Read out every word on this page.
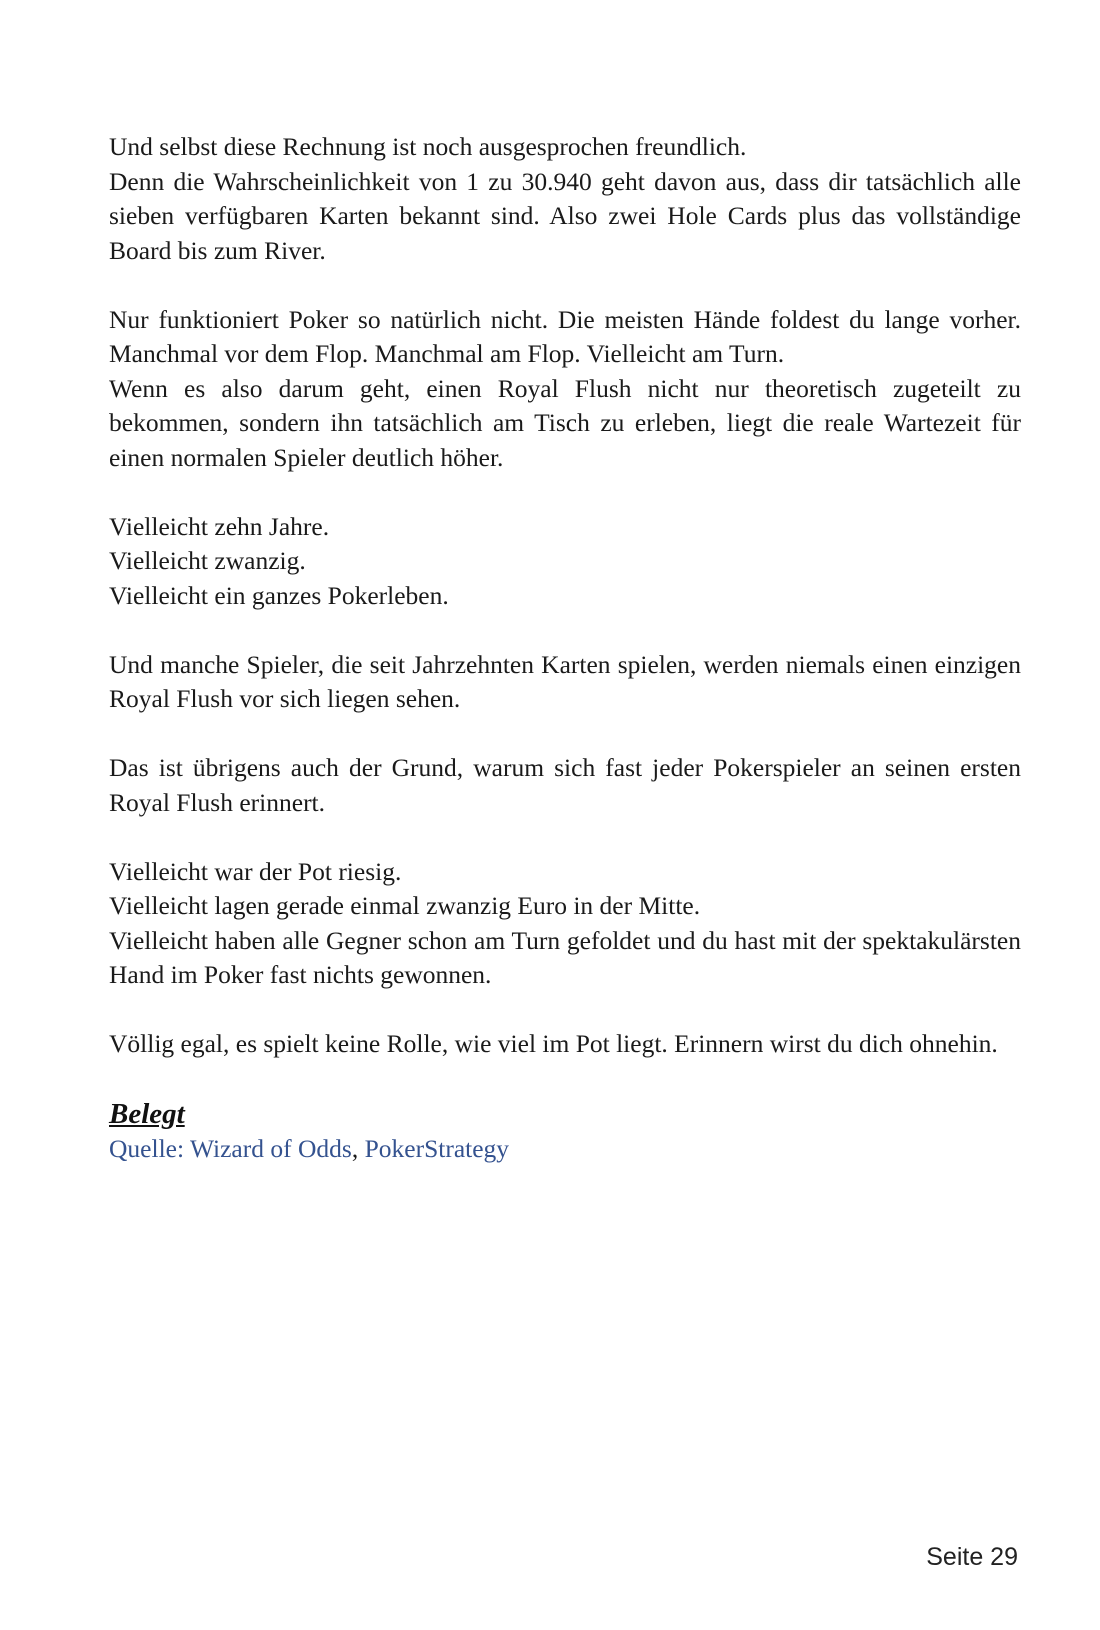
Und selbst diese Rechnung ist noch ausgesprochen freundlich.
Denn die Wahrscheinlichkeit von 1 zu 30.940 geht davon aus, dass dir tatsächlich alle sieben verfügbaren Karten bekannt sind. Also zwei Hole Cards plus das vollständige Board bis zum River.

Nur funktioniert Poker so natürlich nicht. Die meisten Hände foldest du lange vorher. Manchmal vor dem Flop. Manchmal am Flop. Vielleicht am Turn.
Wenn es also darum geht, einen Royal Flush nicht nur theoretisch zugeteilt zu bekommen, sondern ihn tatsächlich am Tisch zu erleben, liegt die reale Wartezeit für einen normalen Spieler deutlich höher.

Vielleicht zehn Jahre.
Vielleicht zwanzig.
Vielleicht ein ganzes Pokerleben.

Und manche Spieler, die seit Jahrzehnten Karten spielen, werden niemals einen einzigen Royal Flush vor sich liegen sehen.

Das ist übrigens auch der Grund, warum sich fast jeder Pokerspieler an seinen ersten Royal Flush erinnert.

Vielleicht war der Pot riesig.
Vielleicht lagen gerade einmal zwanzig Euro in der Mitte.
Vielleicht haben alle Gegner schon am Turn gefoldet und du hast mit der spektakulärsten Hand im Poker fast nichts gewonnen.

Völlig egal, es spielt keine Rolle, wie viel im Pot liegt. Erinnern wirst du dich ohnehin.

Belegt

Quelle: Wizard of Odds, PokerStrategy

Seite 29
